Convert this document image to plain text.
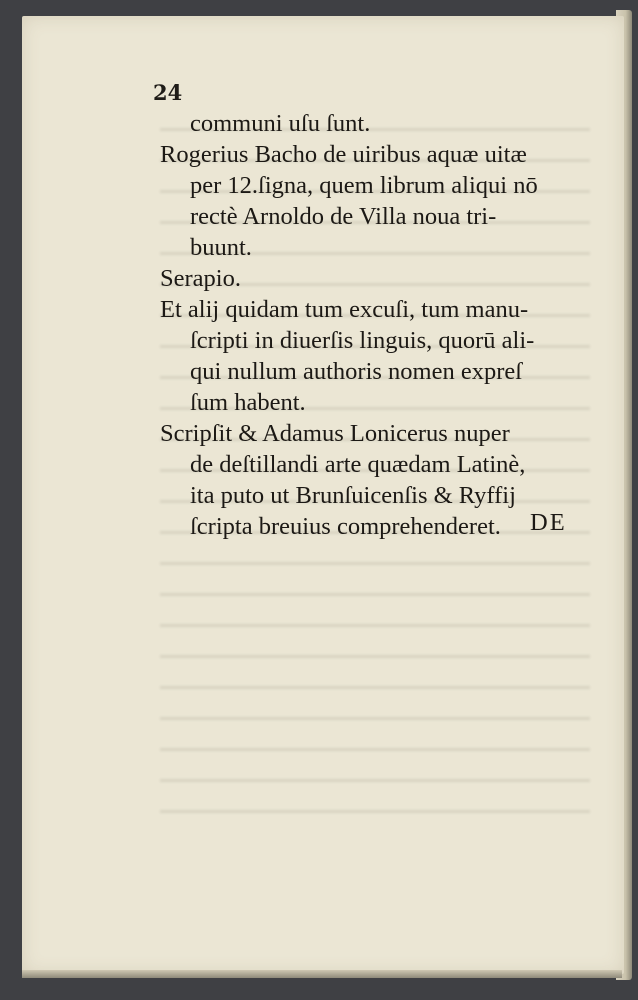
24
communi uſu ſunt.
Rogerius Bacho de uiribus aquæ uitæ
per 12.ſigna, quem librum aliqui nō
rectè Arnoldo de Villa noua tri-
buunt.
Serapio.
Et alij quidam tum excuſi, tum manu-
ſcripti in diuerſis linguis, quorū ali-
qui nullum authoris nomen expreſ
ſum habent.
Scripſit & Adamus Lonicerus nuper
de deſtillandi arte quædam Latinè,
ita puto ut Brunſuicenſis & Ryffij
ſcripta breuius comprehenderet.	DE
